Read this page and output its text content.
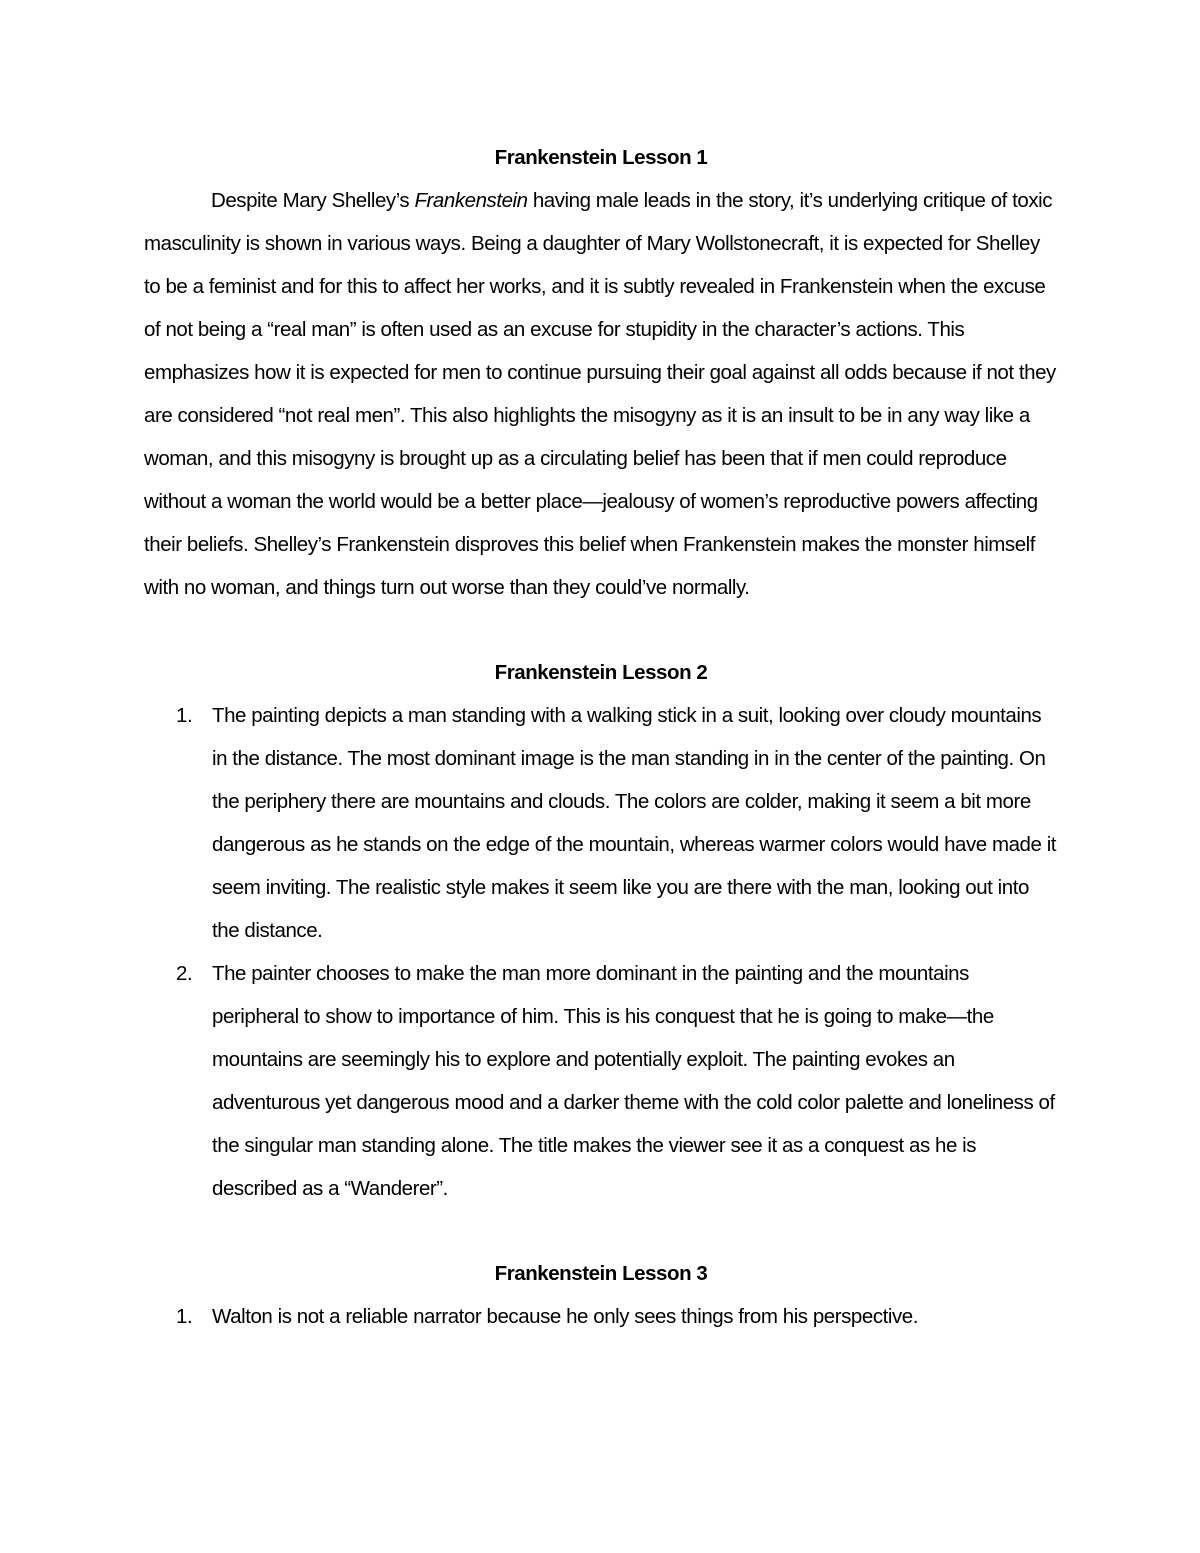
Frankenstein Lesson 1

Despite Mary Shelley’s Frankenstein having male leads in the story, it’s underlying critique of toxic masculinity is shown in various ways. Being a daughter of Mary Wollstonecraft, it is expected for Shelley to be a feminist and for this to affect her works, and it is subtly revealed in Frankenstein when the excuse of not being a “real man” is often used as an excuse for stupidity in the character’s actions. This emphasizes how it is expected for men to continue pursuing their goal against all odds because if not they are considered “not real men”. This also highlights the misogyny as it is an insult to be in any way like a woman, and this misogyny is brought up as a circulating belief has been that if men could reproduce without a woman the world would be a better place—jealousy of women’s reproductive powers affecting their beliefs. Shelley’s Frankenstein disproves this belief when Frankenstein makes the monster himself with no woman, and things turn out worse than they could’ve normally.

Frankenstein Lesson 2

1. The painting depicts a man standing with a walking stick in a suit, looking over cloudy mountains in the distance. The most dominant image is the man standing in in the center of the painting. On the periphery there are mountains and clouds. The colors are colder, making it seem a bit more dangerous as he stands on the edge of the mountain, whereas warmer colors would have made it seem inviting. The realistic style makes it seem like you are there with the man, looking out into the distance.
2. The painter chooses to make the man more dominant in the painting and the mountains peripheral to show to importance of him. This is his conquest that he is going to make—the mountains are seemingly his to explore and potentially exploit. The painting evokes an adventurous yet dangerous mood and a darker theme with the cold color palette and loneliness of the singular man standing alone. The title makes the viewer see it as a conquest as he is described as a “Wanderer”.

Frankenstein Lesson 3

1. Walton is not a reliable narrator because he only sees things from his perspective.
